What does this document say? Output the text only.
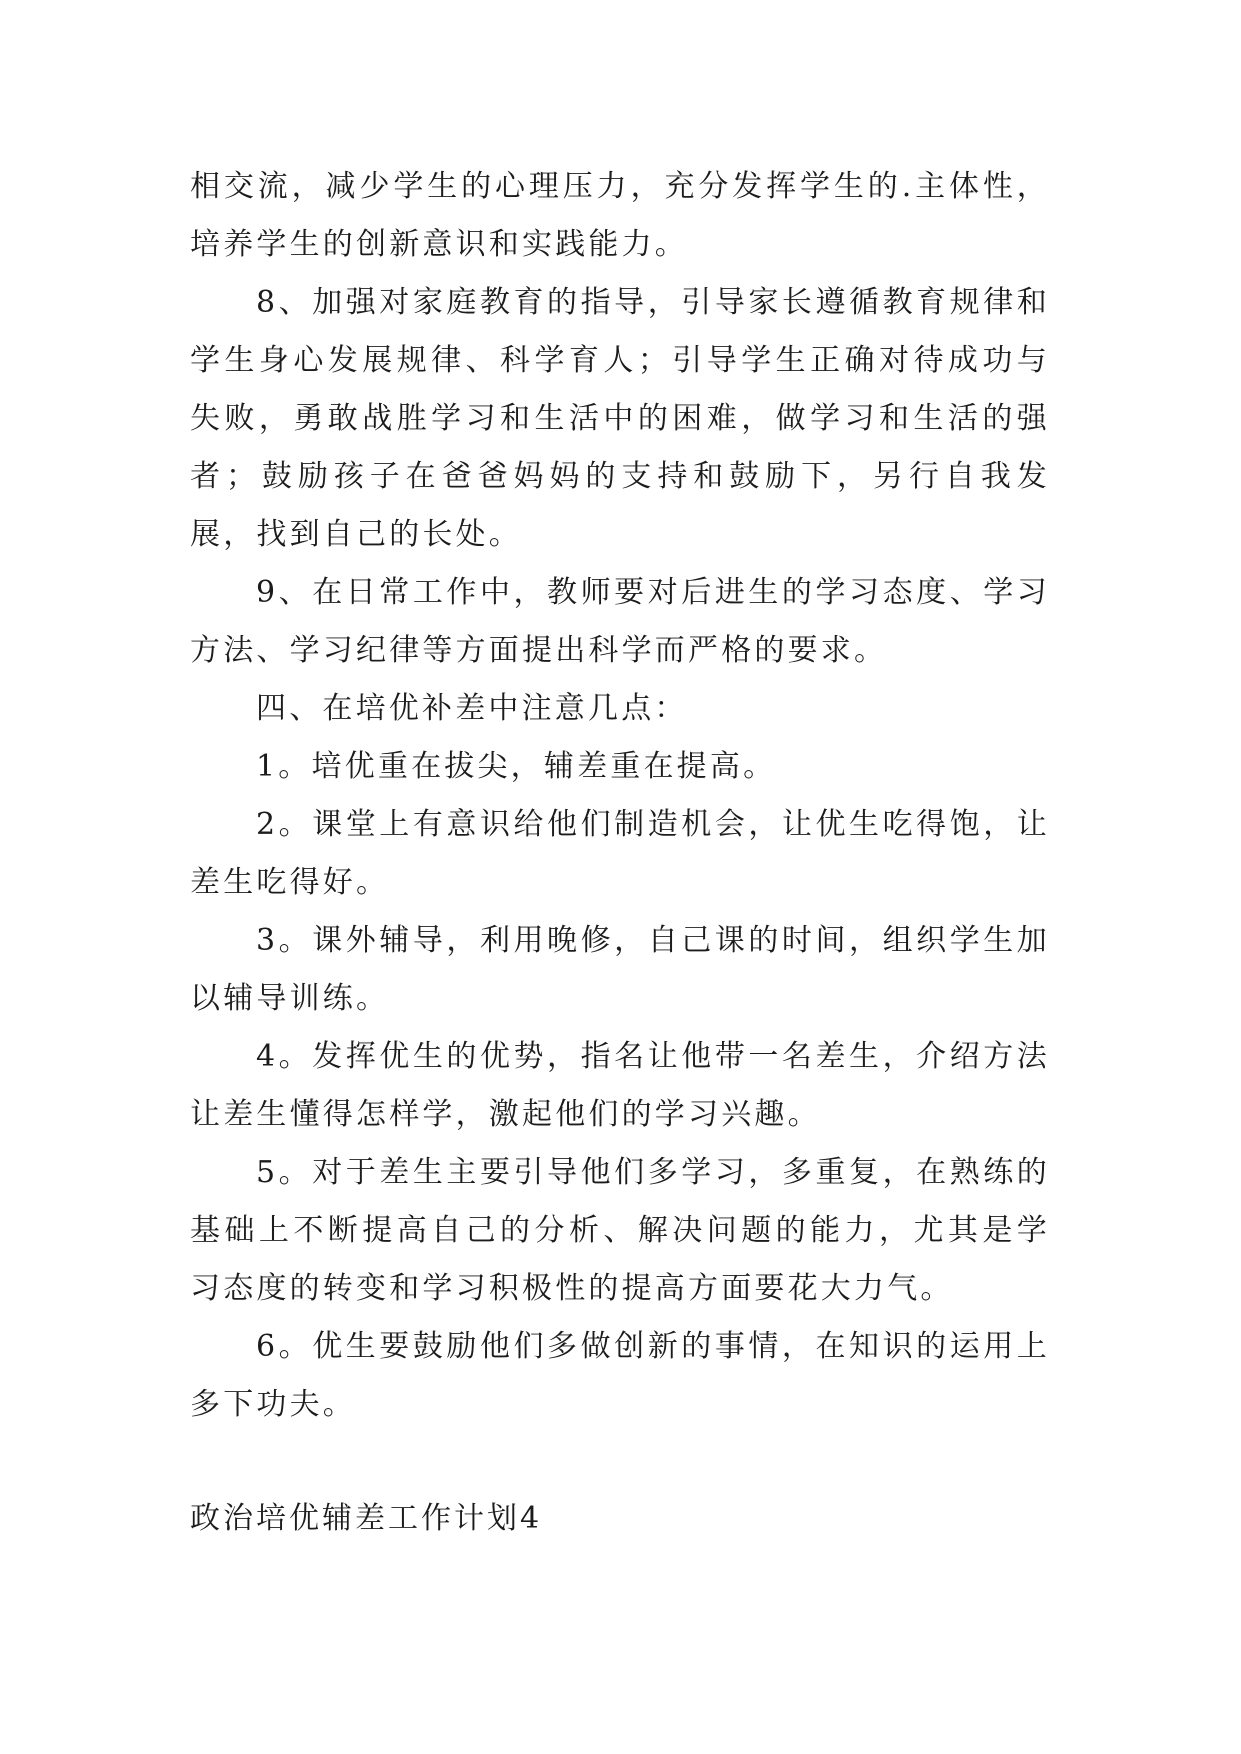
相交流，减少学生的心理压力，充分发挥学生的.主体性，培养学生的创新意识和实践能力。

8、加强对家庭教育的指导，引导家长遵循教育规律和学生身心发展规律、科学育人；引导学生正确对待成功与失败，勇敢战胜学习和生活中的困难，做学习和生活的强者；鼓励孩子在爸爸妈妈的支持和鼓励下，另行自我发展，找到自己的长处。

9、在日常工作中，教师要对后进生的学习态度、学习方法、学习纪律等方面提出科学而严格的要求。

四、在培优补差中注意几点：

1。培优重在拔尖，辅差重在提高。

2。课堂上有意识给他们制造机会，让优生吃得饱，让差生吃得好。

3。课外辅导，利用晚修，自己课的时间，组织学生加以辅导训练。

4。发挥优生的优势，指名让他带一名差生，介绍方法让差生懂得怎样学，激起他们的学习兴趣。

5。对于差生主要引导他们多学习，多重复，在熟练的基础上不断提高自己的分析、解决问题的能力，尤其是学习态度的转变和学习积极性的提高方面要花大力气。

6。优生要鼓励他们多做创新的事情，在知识的运用上多下功夫。

政治培优辅差工作计划4
